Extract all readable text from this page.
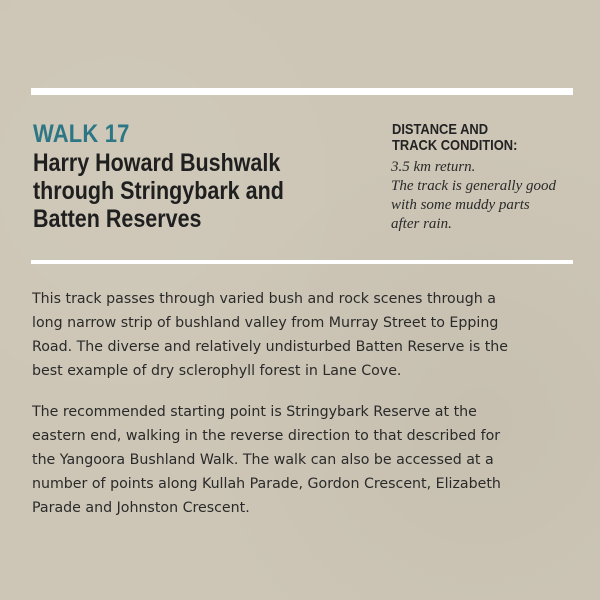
WALK 17
Harry Howard Bushwalk
through Stringybark and
Batten Reserves
DISTANCE AND
TRACK CONDITION:
3.5 km return.
The track is generally good
with some muddy parts
after rain.
This track passes through varied bush and rock scenes through a
long narrow strip of bushland valley from Murray Street to Epping
Road. The diverse and relatively undisturbed Batten Reserve is the
best example of dry sclerophyll forest in Lane Cove.
The recommended starting point is Stringybark Reserve at the
eastern end, walking in the reverse direction to that described for
the Yangoora Bushland Walk. The walk can also be accessed at a
number of points along Kullah Parade, Gordon Crescent, Elizabeth
Parade and Johnston Crescent.
